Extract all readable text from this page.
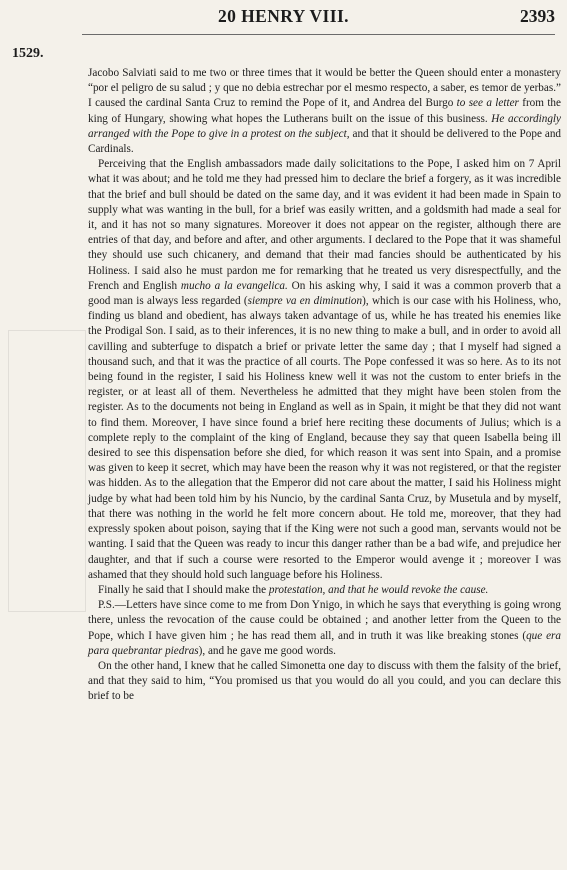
20 HENRY VIII.	2393
1529.

Jacobo Salviati said to me two or three times that it would be better the Queen should enter a monastery “por el peligro de su salud ; y que no debia estrechar por el mesmo respecto, a saber, es temor de yerbas.” I caused the cardinal Santa Cruz to remind the Pope of it, and Andrea del Burgo to see a letter from the king of Hungary, showing what hopes the Lutherans built on the issue of this business. He accordingly arranged with the Pope to give in a protest on the subject, and that it should be delivered to the Pope and Cardinals.

Perceiving that the English ambassadors made daily solicitations to the Pope, I asked him on 7 April what it was about; and he told me they had pressed him to declare the brief a forgery, as it was incredible that the brief and bull should be dated on the same day, and it was evident it had been made in Spain to supply what was wanting in the bull, for a brief was easily written, and a goldsmith had made a seal for it, and it has not so many signatures. Moreover it does not appear on the register, although there are entries of that day, and before and after, and other arguments. I declared to the Pope that it was shameful they should use such chicanery, and demand that their mad fancies should be authenticated by his Holiness. I said also he must pardon me for remarking that he treated us very disrespectfully, and the French and English mucho a la evangelica. On his asking why, I said it was a common proverb that a good man is always less regarded (siempre va en diminution), which is our case with his Holiness, who, finding us bland and obedient, has always taken advantage of us, while he has treated his enemies like the Prodigal Son. I said, as to their inferences, it is no new thing to make a bull, and in order to avoid all cavilling and subterfuge to dispatch a brief or private letter the same day ; that I myself had signed a thousand such, and that it was the practice of all courts. The Pope confessed it was so here. As to its not being found in the register, I said his Holiness knew well it was not the custom to enter briefs in the register, or at least all of them. Nevertheless he admitted that they might have been stolen from the register. As to the documents not being in England as well as in Spain, it might be that they did not want to find them. Moreover, I have since found a brief here reciting these documents of Julius; which is a complete reply to the complaint of the king of England, because they say that queen Isabella being ill desired to see this dispensation before she died, for which reason it was sent into Spain, and a promise was given to keep it secret, which may have been the reason why it was not registered, or that the register was hidden. As to the allegation that the Emperor did not care about the matter, I said his Holiness might judge by what had been told him by his Nuncio, by the cardinal Santa Cruz, by Musetula and by myself, that there was nothing in the world he felt more concern about. He told me, moreover, that they had expressly spoken about poison, saying that if the King were not such a good man, servants would not be wanting. I said that the Queen was ready to incur this danger rather than be a bad wife, and prejudice her daughter, and that if such a course were resorted to the Emperor would avenge it ; moreover I was ashamed that they should hold such language before his Holiness.

Finally he said that I should make the protestation, and that he would revoke the cause.

P.S.—Letters have since come to me from Don Ynigo, in which he says that everything is going wrong there, unless the revocation of the cause could be obtained ; and another letter from the Queen to the Pope, which I have given him ; he has read them all, and in truth it was like breaking stones (que era para quebrantar piedras), and he gave me good words.

On the other hand, I knew that he called Simonetta one day to discuss with them the falsity of the brief, and that they said to him, “You promised us that you would do all you could, and you can declare this brief to be
